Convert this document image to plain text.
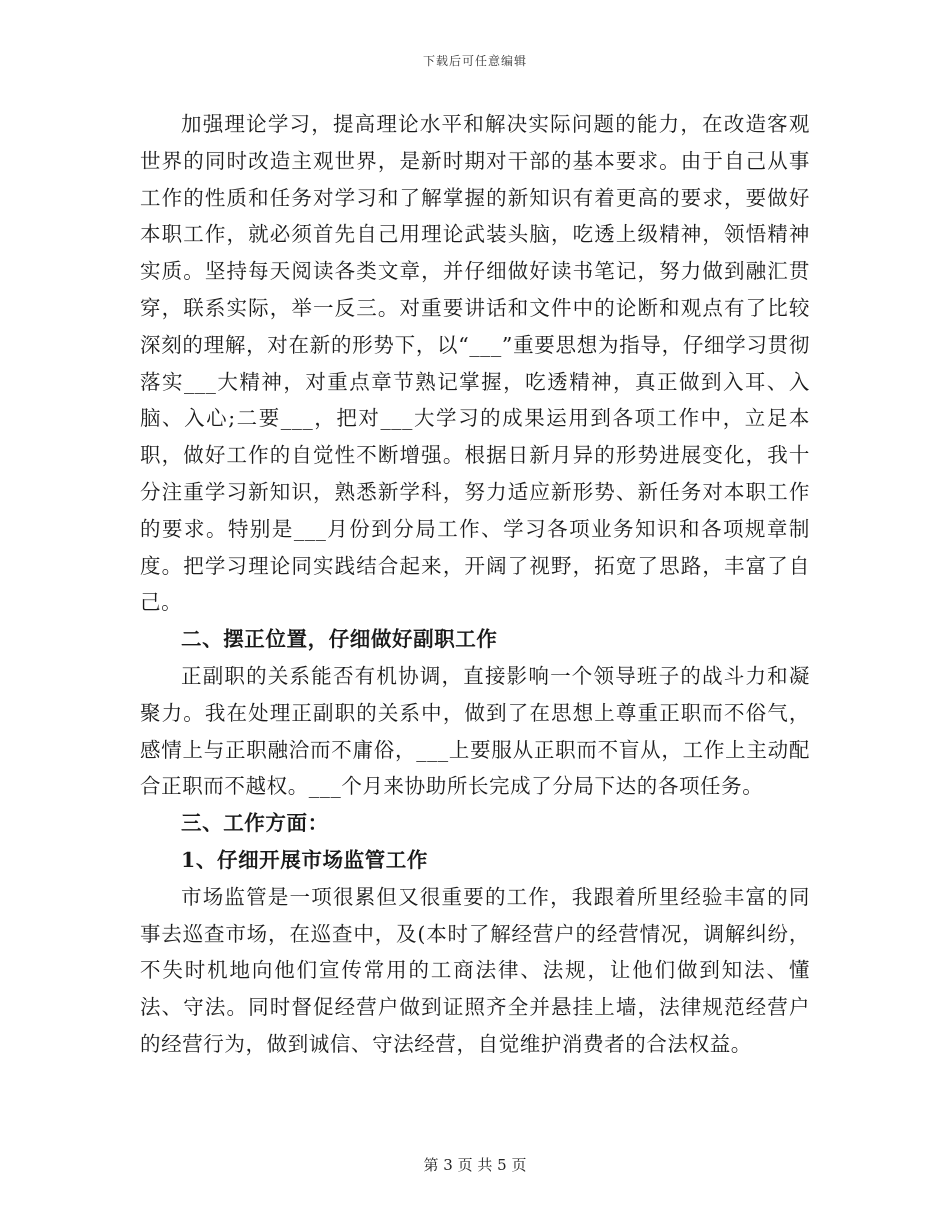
下载后可任意编辑

加强理论学习，提高理论水平和解决实际问题的能力，在改造客观世界的同时改造主观世界，是新时期对干部的基本要求。由于自己从事工作的性质和任务对学习和了解掌握的新知识有着更高的要求，要做好本职工作，就必须首先自己用理论武装头脑，吃透上级精神，领悟精神实质。坚持每天阅读各类文章，并仔细做好读书笔记，努力做到融汇贯穿，联系实际，举一反三。对重要讲话和文件中的论断和观点有了比较深刻的理解，对在新的形势下，以“___”重要思想为指导，仔细学习贯彻落实___大精神，对重点章节熟记掌握，吃透精神，真正做到入耳、入脑、入心;二要___，把对___大学习的成果运用到各项工作中，立足本职，做好工作的自觉性不断增强。根据日新月异的形势进展变化，我十分注重学习新知识，熟悉新学科，努力适应新形势、新任务对本职工作的要求。特别是___月份到分局工作、学习各项业务知识和各项规章制度。把学习理论同实践结合起来，开阔了视野，拓宽了思路，丰富了自己。

二、摆正位置，仔细做好副职工作

正副职的关系能否有机协调，直接影响一个领导班子的战斗力和凝聚力。我在处理正副职的关系中，做到了在思想上尊重正职而不俗气，感情上与正职融洽而不庸俗，___上要服从正职而不盲从，工作上主动配合正职而不越权。___个月来协助所长完成了分局下达的各项任务。

三、工作方面：

1、仔细开展市场监管工作

市场监管是一项很累但又很重要的工作，我跟着所里经验丰富的同事去巡查市场，在巡查中，及(本时了解经营户的经营情况，调解纠纷，不失时机地向他们宣传常用的工商法律、法规，让他们做到知法、懂法、守法。同时督促经营户做到证照齐全并悬挂上墙，法律规范经营户的经营行为，做到诚信、守法经营，自觉维护消费者的合法权益。

第 3 页 共 5 页
